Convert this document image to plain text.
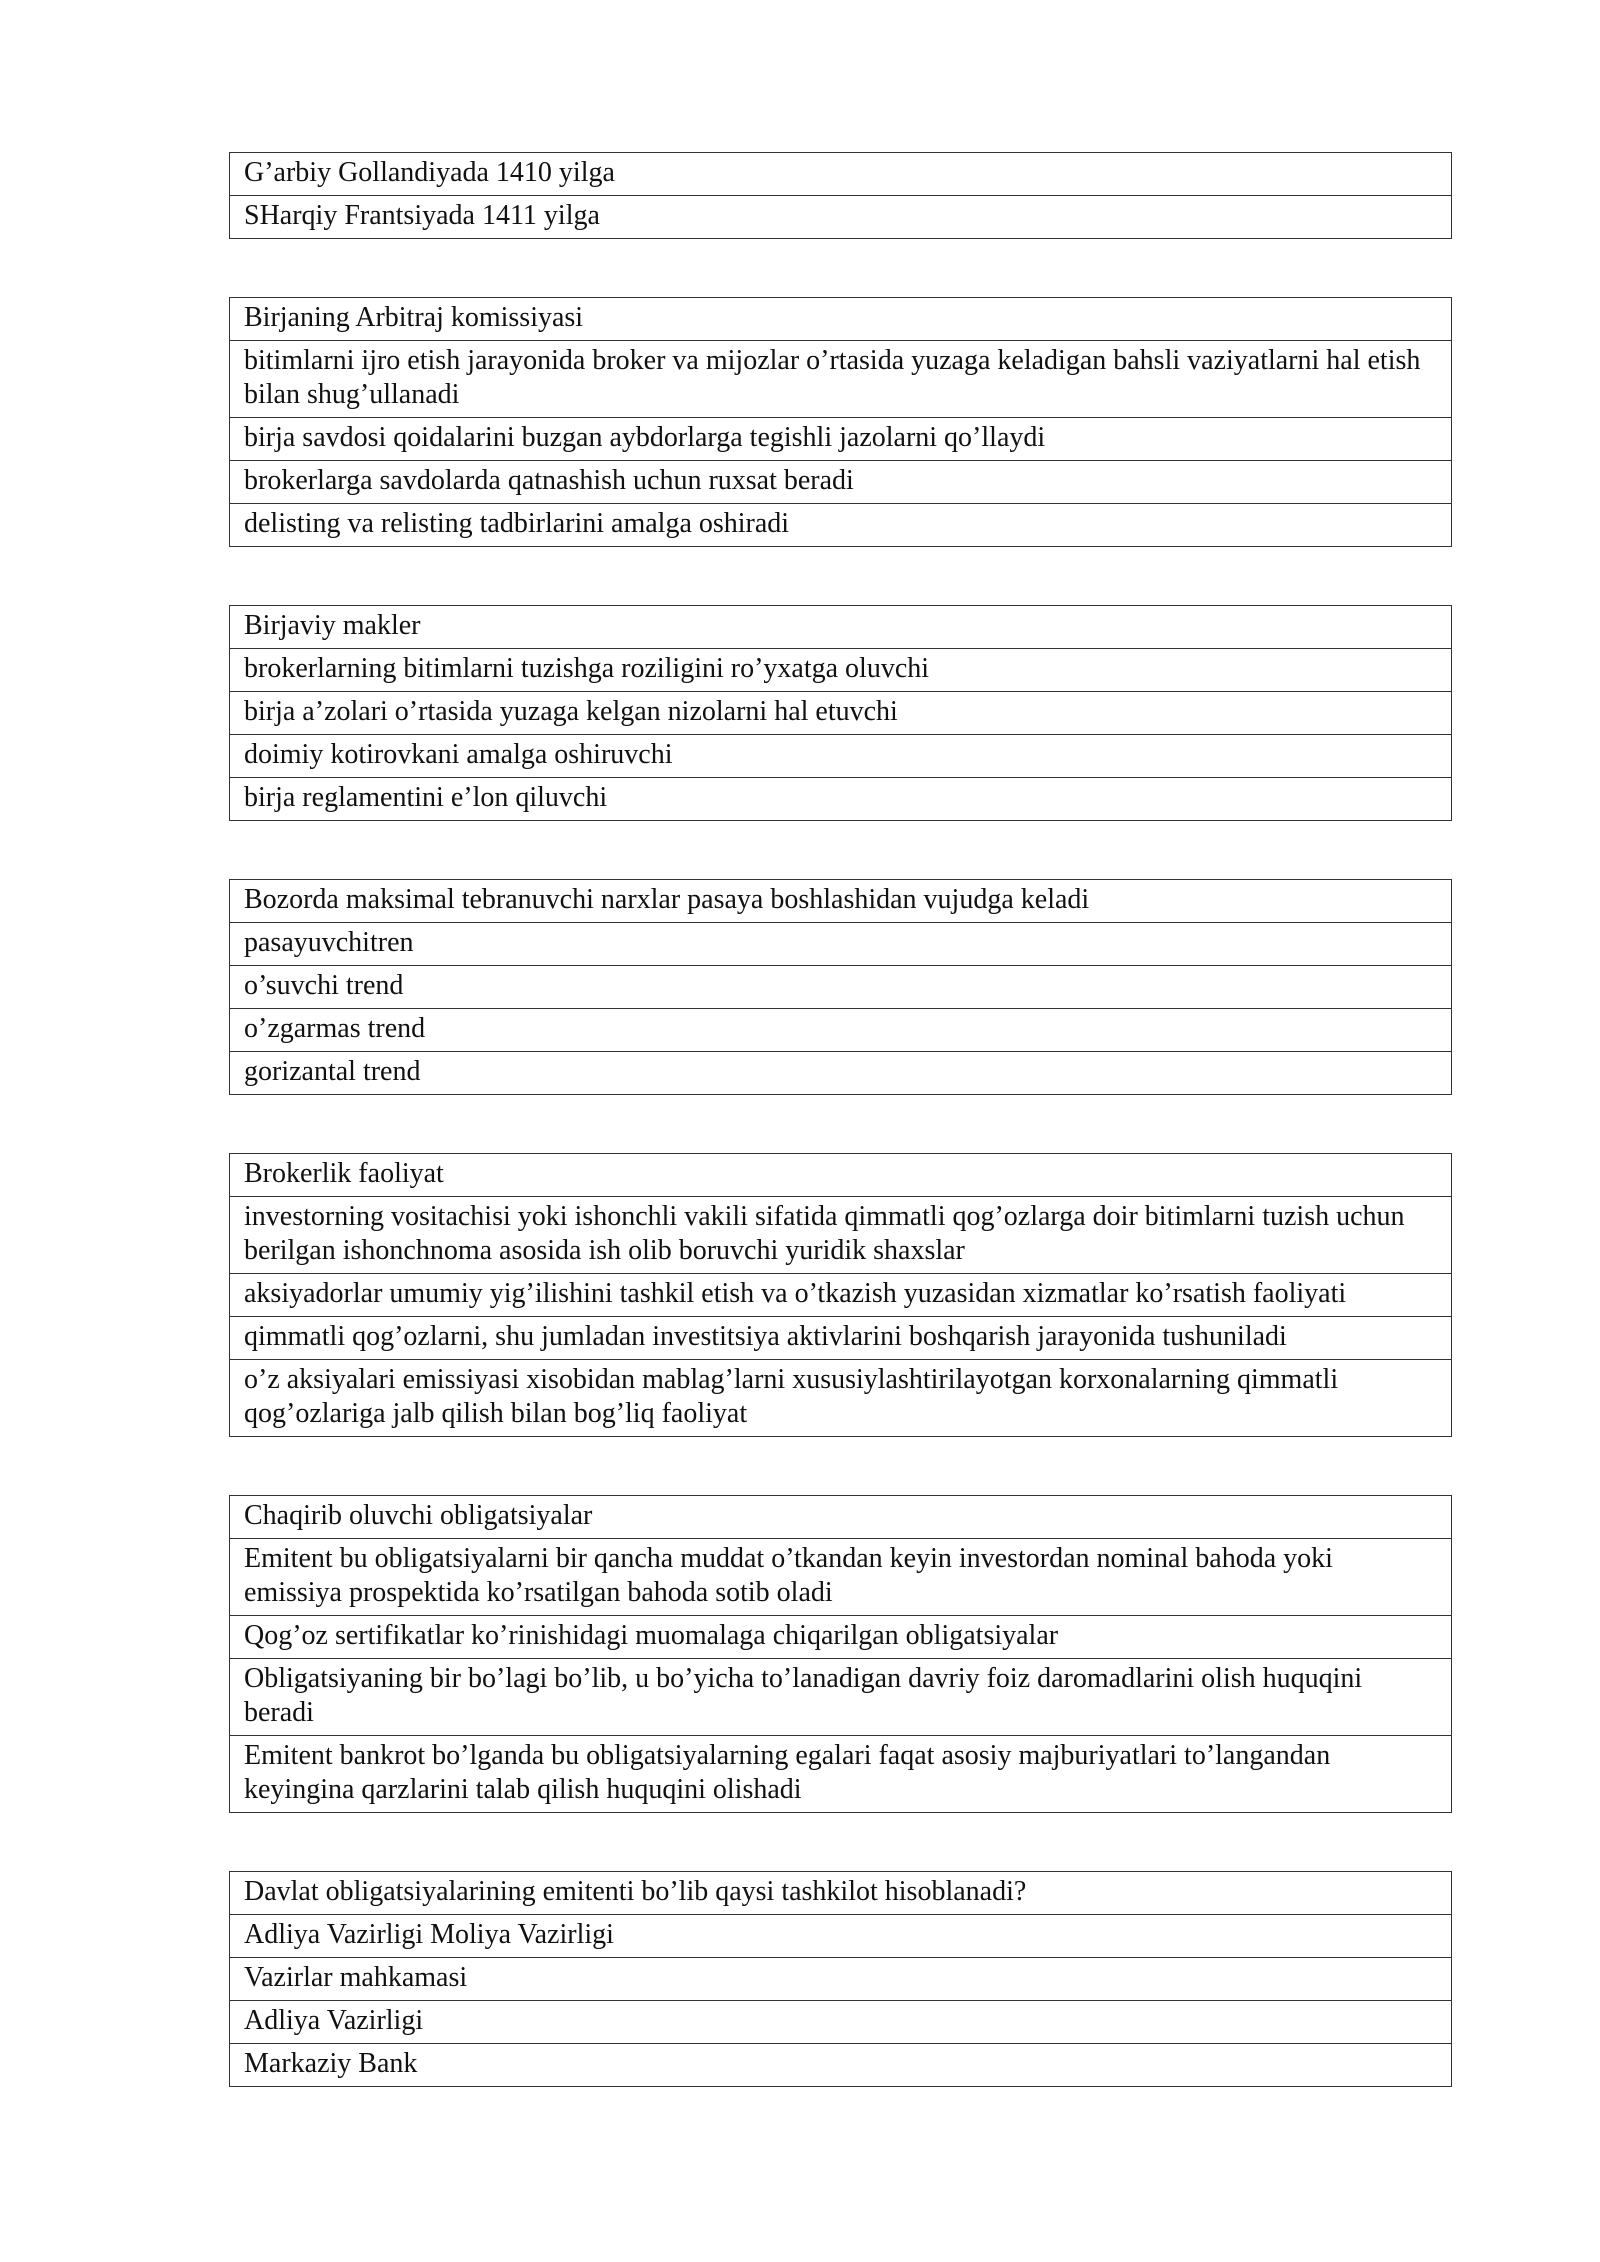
G’arbiy Gollandiyada 1410 yilga
SHarqiy Frantsiyada 1411 yilga
Birjaning Arbitraj komissiyasi
bitimlarni ijro etish jarayonida broker va mijozlar o’rtasida yuzaga keladigan bahsli vaziyatlarni hal etish bilan shug’ullanadi
birja savdosi qoidalarini buzgan aybdorlarga tegishli jazolarni qo’llaydi
brokerlarga savdolarda qatnashish uchun ruxsat beradi
delisting va relisting tadbirlarini amalga oshiradi
Birjaviy makler
brokerlarning bitimlarni tuzishga roziligini ro’yxatga oluvchi
birja a’zolari o’rtasida yuzaga kelgan nizolarni hal etuvchi
doimiy kotirovkani amalga oshiruvchi
birja reglamentini e’lon qiluvchi
Bozorda maksimal tebranuvchi narxlar pasaya boshlashidan vujudga keladi
pasayuvchitren
o’suvchi trend
o’zgarmas trend
gorizantal trend
Brokerlik faoliyat
investorning vositachisi yoki ishonchli vakili sifatida qimmatli qog’ozlarga doir bitimlarni tuzish uchun berilgan ishonchnoma asosida ish olib boruvchi yuridik shaxslar
aksiyadorlar umumiy yig’ilishini tashkil etish va o’tkazish yuzasidan xizmatlar ko’rsatish faoliyati
qimmatli qog’ozlarni, shu jumladan investitsiya aktivlarini boshqarish jarayonida tushuniladi
o’z aksiyalari emissiyasi xisobidan mablag’larni xususiylashtirilayotgan korxonalarning qimmatli qog’ozlariga jalb qilish bilan bog’liq faoliyat
Chaqirib oluvchi obligatsiyalar
Emitent bu obligatsiyalarni bir qancha muddat o’tkandan keyin investordan nominal bahoda yoki emissiya prospektida ko’rsatilgan bahoda sotib oladi
Qog’oz sertifikatlar ko’rinishidagi muomalaga chiqarilgan obligatsiyalar
Obligatsiyaning bir bo’lagi bo’lib, u bo’yicha to’lanadigan davriy foiz daromadlarini olish huquqini beradi
Emitent bankrot bo’lganda bu obligatsiyalarning egalari faqat asosiy majburiyatlari to’langandan keyingina qarzlarini talab qilish huquqini olishadi
Davlat obligatsiyalarining emitenti bo’lib qaysi tashkilot hisoblanadi?
Adliya Vazirligi Moliya Vazirligi
Vazirlar mahkamasi
Adliya Vazirligi
Markaziy Bank
